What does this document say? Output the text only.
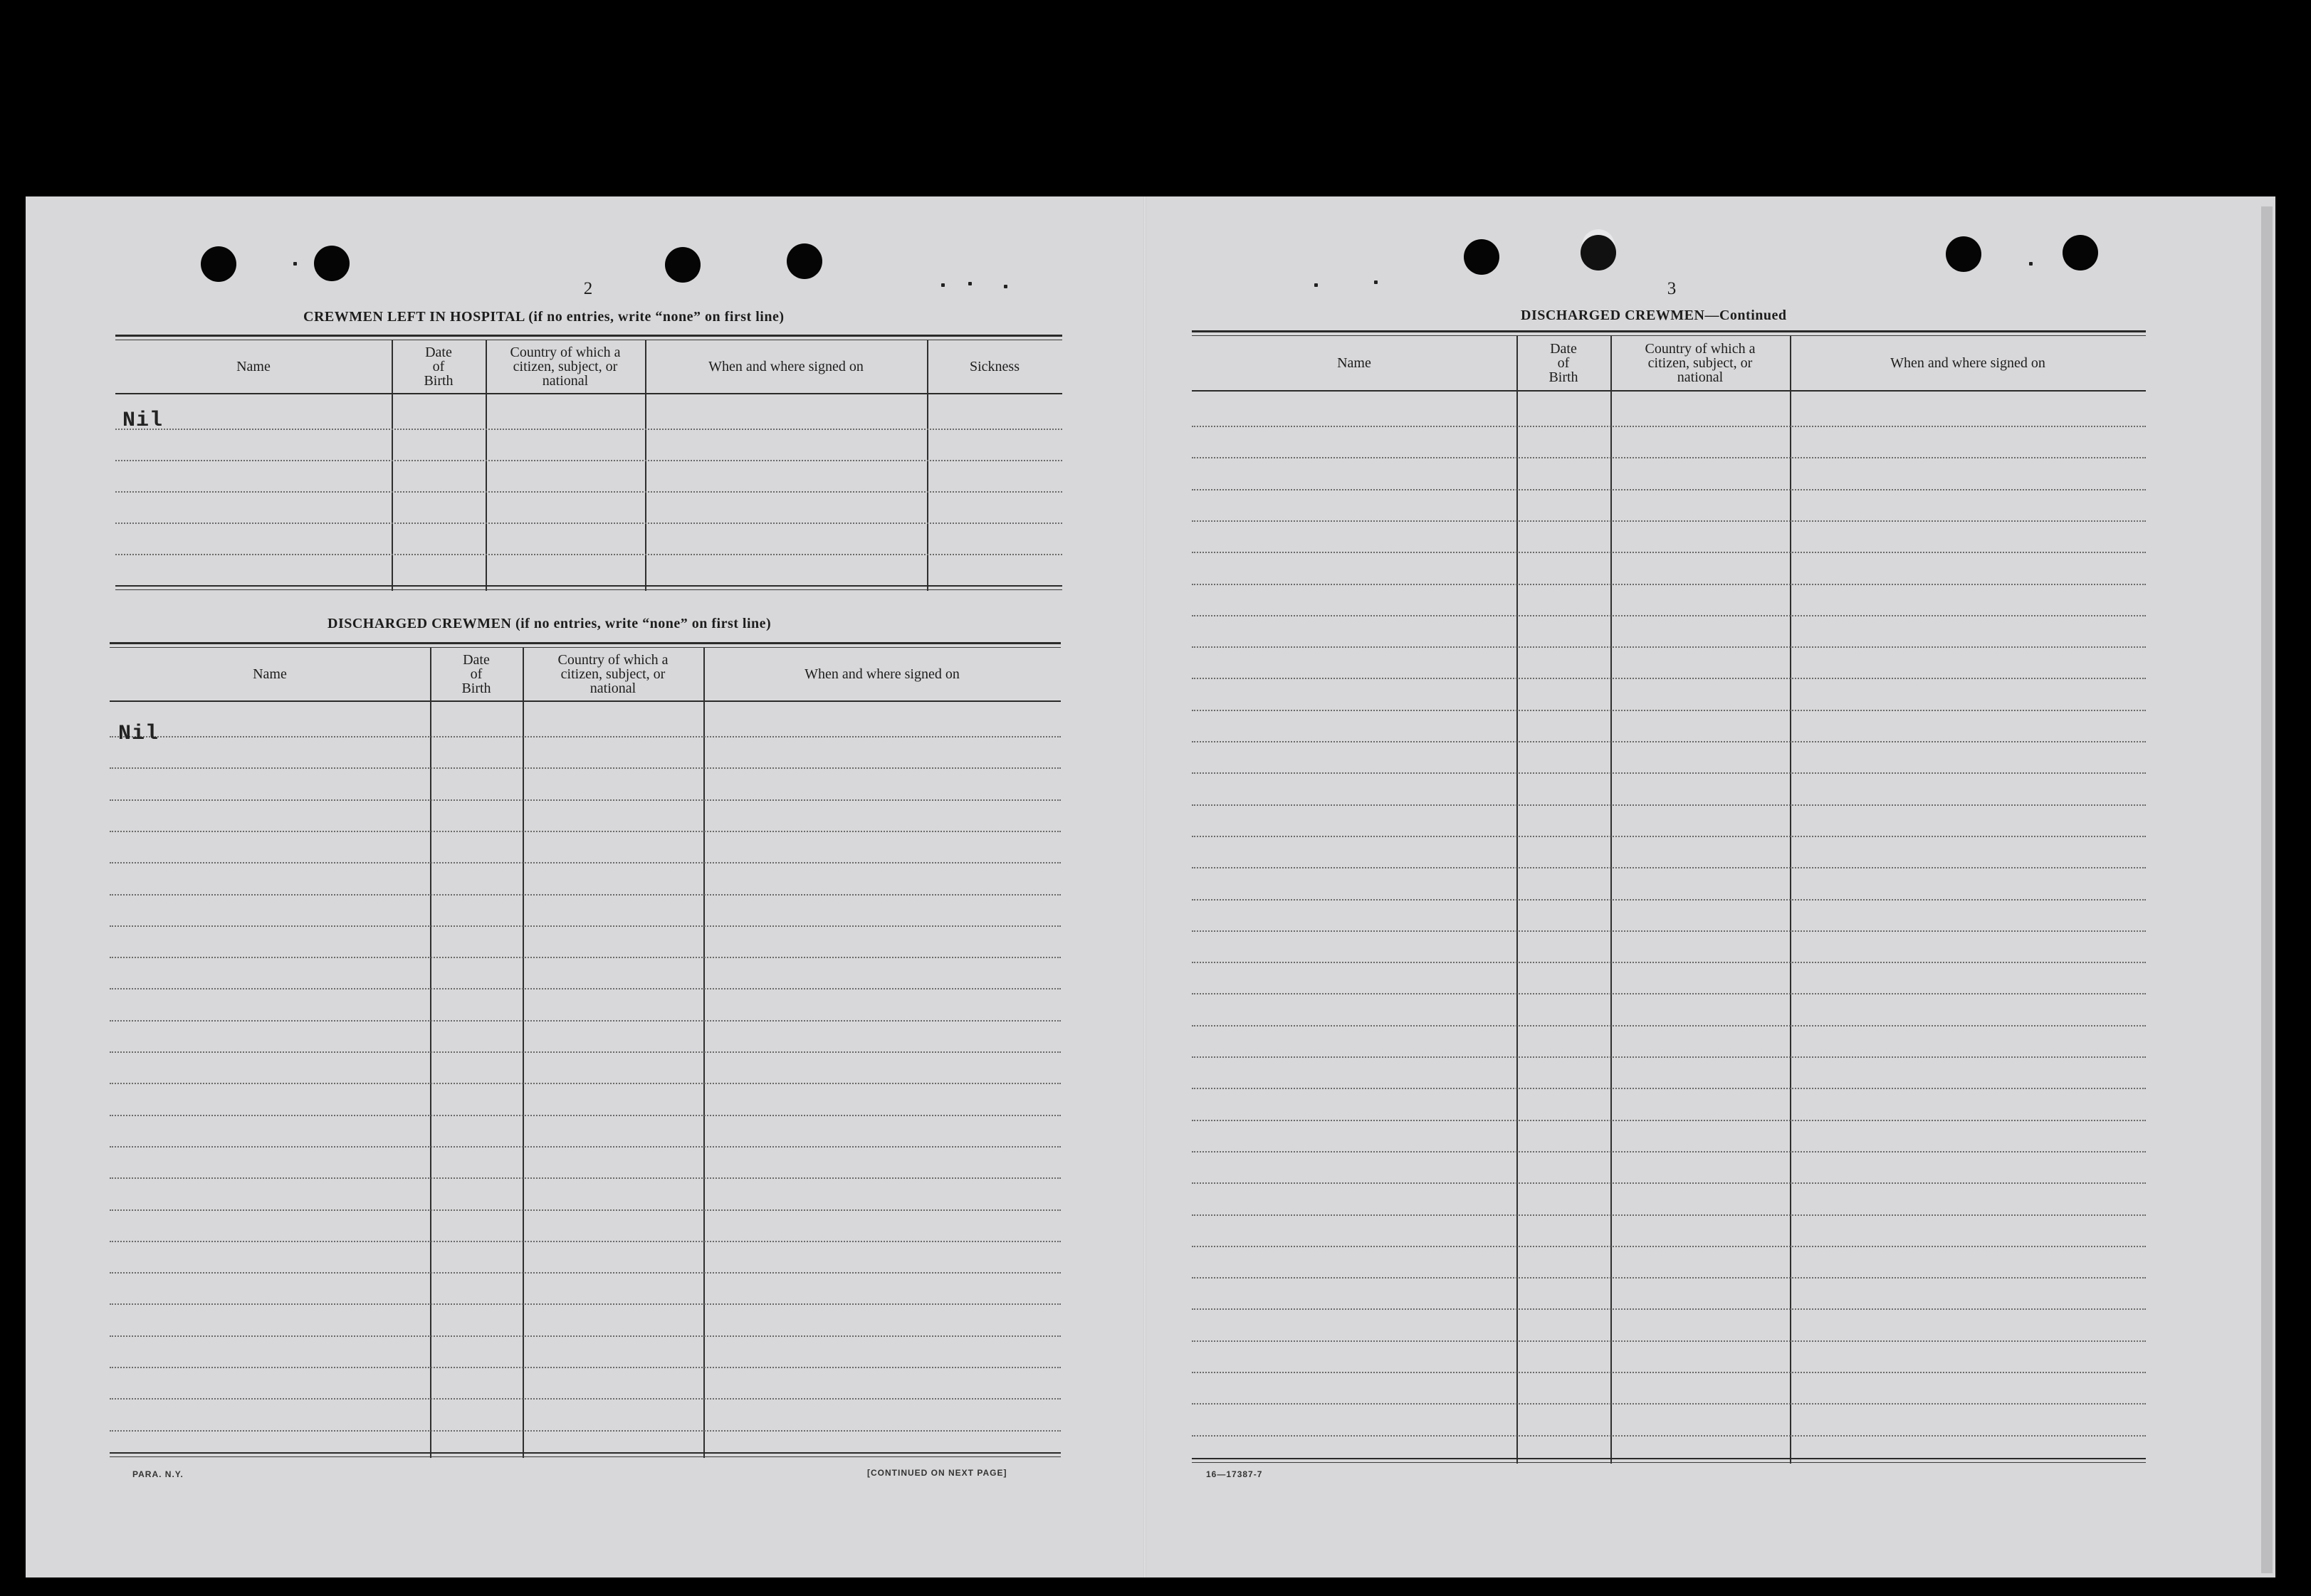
2
CREWMEN LEFT IN HOSPITAL (if no entries, write “none” on first line)
Name
Date
of
Birth
Country of which a
citizen, subject, or
national
When and where signed on	Sickness
Nil
DISCHARGED CREWMEN (if no entries, write “none” on first line)
Name
Date
of
Birth
Country of which a
citizen, subject, or
national
When and where signed on
Nil
PARA. N.Y.	[CONTINUED ON NEXT PAGE]
3
DISCHARGED CREWMEN—Continued
Name
Date
of
Birth
Country of which a
citizen, subject, or
national
When and where signed on
16—17387-7
